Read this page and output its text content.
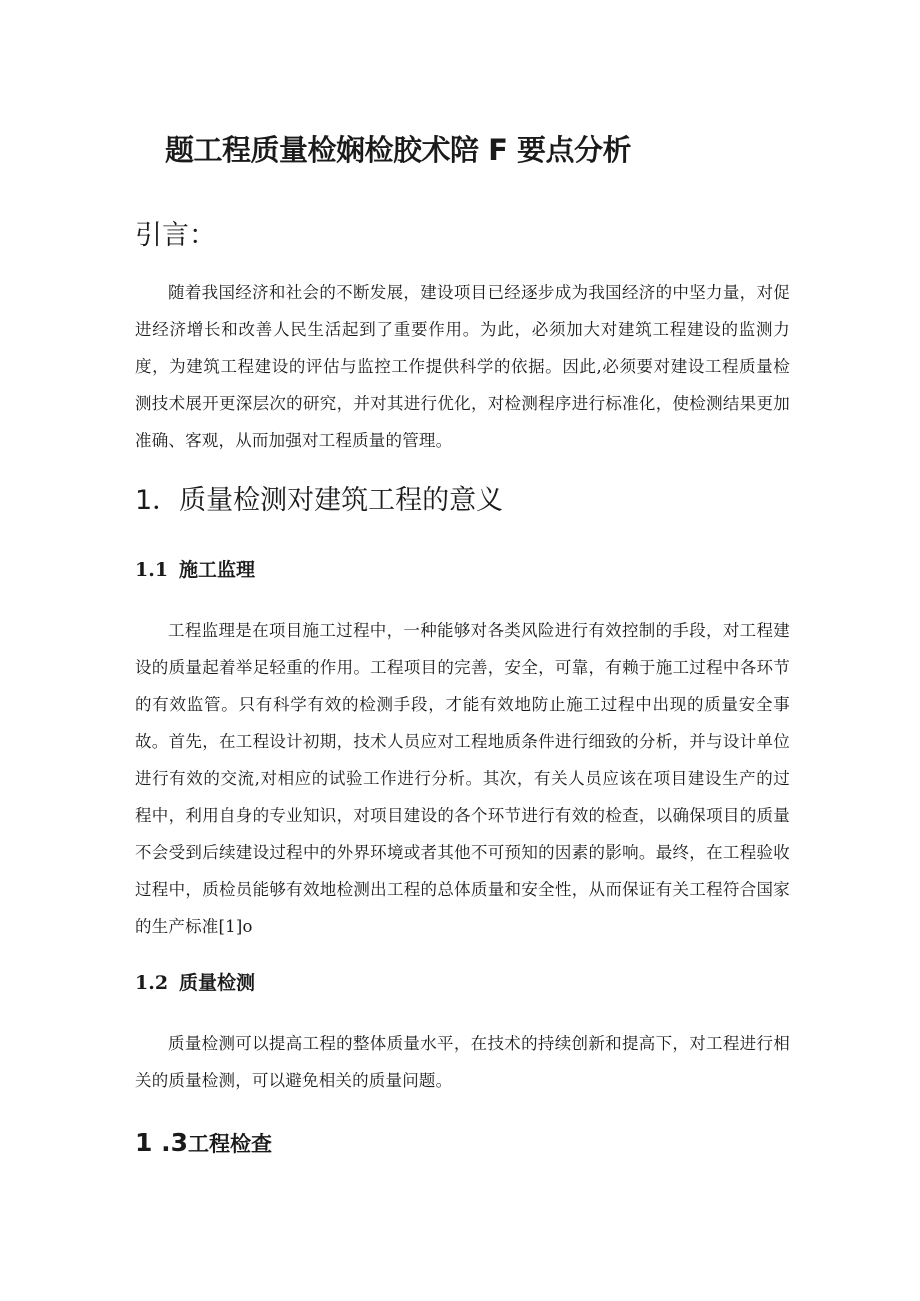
题工程质量检娴检胶术陪 F 要点分析
引言：

随着我国经济和社会的不断发展，建设项目已经逐步成为我国经济的中坚力量，对促进经济增长和改善人民生活起到了重要作用。为此，必须加大对建筑工程建设的监测力度，为建筑工程建设的评估与监控工作提供科学的依据。因此,必须要对建设工程质量检测技术展开更深层次的研究，并对其进行优化，对检测程序进行标准化，使检测结果更加准确、客观，从而加强对工程质量的管理。

1．质量检测对建筑工程的意义
1.1 施工监理

工程监理是在项目施工过程中，一种能够对各类风险进行有效控制的手段，对工程建设的质量起着举足轻重的作用。工程项目的完善，安全，可靠，有赖于施工过程中各环节的有效监管。只有科学有效的检测手段，才能有效地防止施工过程中出现的质量安全事故。首先，在工程设计初期，技术人员应对工程地质条件进行细致的分析，并与设计单位进行有效的交流,对相应的试验工作进行分析。其次，有关人员应该在项目建设生产的过程中，利用自身的专业知识，对项目建设的各个环节进行有效的检查，以确保项目的质量不会受到后续建设过程中的外界环境或者其他不可预知的因素的影响。最终，在工程验收过程中，质检员能够有效地检测出工程的总体质量和安全性，从而保证有关工程符合国家的生产标准[1]o

1.2 质量检测

质量检测可以提高工程的整体质量水平，在技术的持续创新和提高下，对工程进行相关的质量检测，可以避免相关的质量问题。

1 .3工程检查
